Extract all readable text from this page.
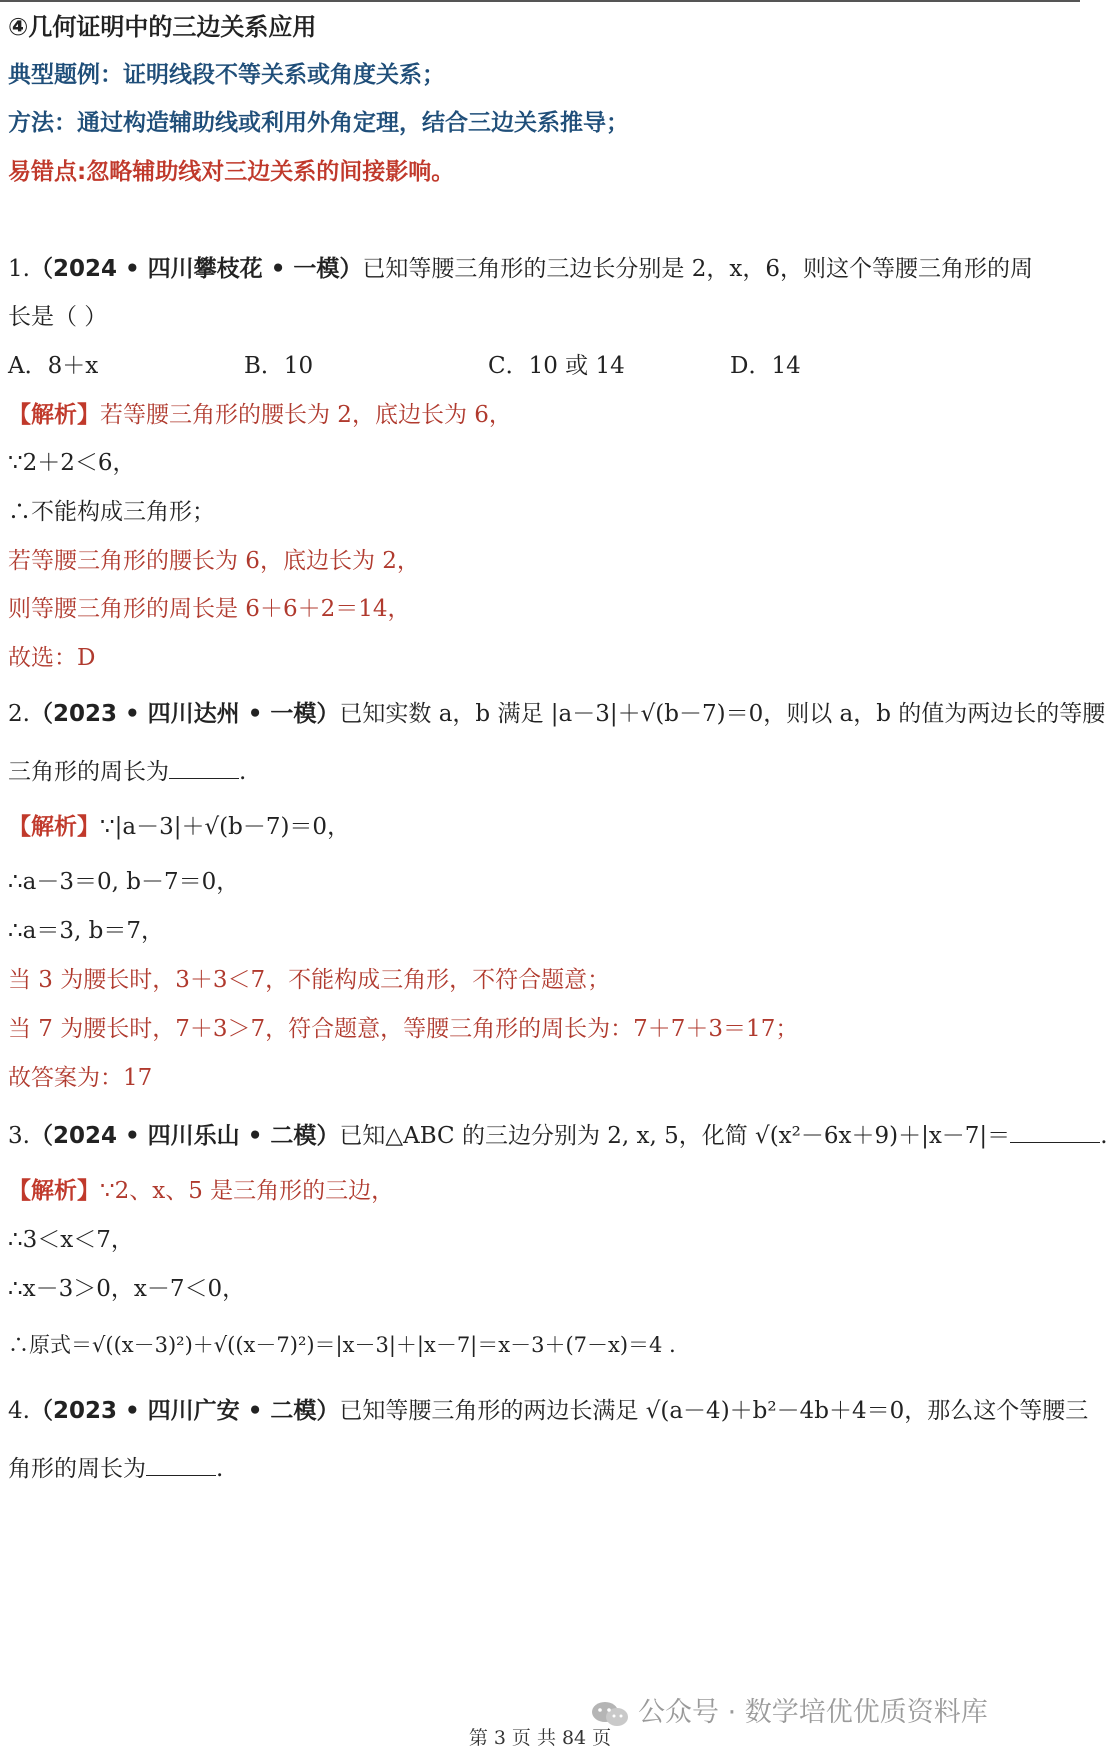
④几何证明中的三边关系应用
典型题例：证明线段不等关系或角度关系；
方法：通过构造辅助线或利用外角定理，结合三边关系推导；
易错点:忽略辅助线对三边关系的间接影响。
1.（2024 • 四川攀枝花 • 一模）已知等腰三角形的三边长分别是 2，x，6，则这个等腰三角形的周
长是（ ）
A．8＋x	B．10	C．10 或 14	D．14
【解析】若等腰三角形的腰长为 2，底边长为 6，
∵2＋2＜6，
∴不能构成三角形；
若等腰三角形的腰长为 6，底边长为 2，
则等腰三角形的周长是 6＋6＋2＝14，
故选：D
2.（2023 • 四川达州 • 一模）已知实数 a，b 满足 |a－3|＋√(b－7)＝0，则以 a，b 的值为两边长的等腰
三角形的周长为	.
【解析】∵|a－3|＋√(b－7)＝0，
∴a－3＝0, b－7＝0，
∴a＝3, b＝7，
当 3 为腰长时，3＋3＜7，不能构成三角形，不符合题意；
当 7 为腰长时，7＋3＞7，符合题意，等腰三角形的周长为：7＋7＋3＝17；
故答案为：17
3.（2024 • 四川乐山 • 二模）已知△ABC 的三边分别为 2, x, 5，化简 √(x²－6x＋9)＋|x－7|＝	.
【解析】∵2、x、5 是三角形的三边，
∴3＜x＜7，
∴x－3＞0，x－7＜0，
∴原式＝√((x－3)²)＋√((x－7)²)＝|x－3|＋|x－7|＝x－3＋(7－x)＝4 ．
4.（2023 • 四川广安 • 二模）已知等腰三角形的两边长满足 √(a－4)＋b²－4b＋4＝0，那么这个等腰三
角形的周长为	.
公众号 · 数学培优优质资料库
第 3 页 共 84 页
